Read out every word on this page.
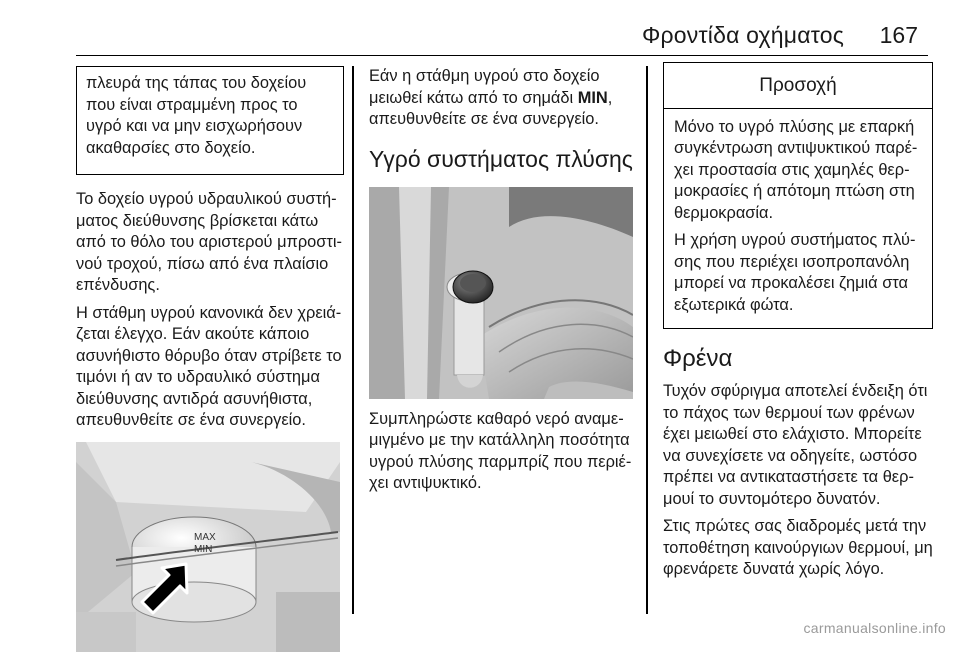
Φροντίδα οχήματος 167

πλευρά της τάπας του δοχείου που είναι στραμμένη προς το υγρό και να μην εισχωρήσουν ακαθαρσίες στο δοχείο.

Το δοχείο υγρού υδραυλικού συστήματος διεύθυνσης βρίσκεται κάτω από το θόλο του αριστερού μπροστινού τροχού, πίσω από ένα πλαίσιο επένδυσης.

Η στάθμη υγρού κανονικά δεν χρειάζεται έλεγχο. Εάν ακούτε κάποιο ασυνήθιστο θόρυβο όταν στρίβετε το τιμόνι ή αν το υδραυλικό σύστημα διεύθυνσης αντιδρά ασυνήθιστα, απευθυνθείτε σε ένα συνεργείο.

MAX
MIN

Εάν η στάθμη υγρού στο δοχείο μειωθεί κάτω από το σημάδι MIN, απευθυνθείτε σε ένα συνεργείο.

Υγρό συστήματος πλύσης

Συμπληρώστε καθαρό νερό αναμεμιγμένο με την κατάλληλη ποσότητα υγρού πλύσης παρμπρίζ που περιέχει αντιψυκτικό.

Προσοχή

Μόνο το υγρό πλύσης με επαρκή συγκέντρωση αντιψυκτικού παρέχει προστασία στις χαμηλές θερμοκρασίες ή απότομη πτώση στη θερμοκρασία.

Η χρήση υγρού συστήματος πλύσης που περιέχει ισοπροπανόλη μπορεί να προκαλέσει ζημιά στα εξωτερικά φώτα.

Φρένα

Τυχόν σφύριγμα αποτελεί ένδειξη ότι το πάχος των θερμουί των φρένων έχει μειωθεί στο ελάχιστο. Μπορείτε να συνεχίσετε να οδηγείτε, ωστόσο πρέπει να αντικαταστήσετε τα θερμουί το συντομότερο δυνατόν.

Στις πρώτες σας διαδρομές μετά την τοποθέτηση καινούργιων θερμουί, μη φρενάρετε δυνατά χωρίς λόγο.

carmanualsonline.info
